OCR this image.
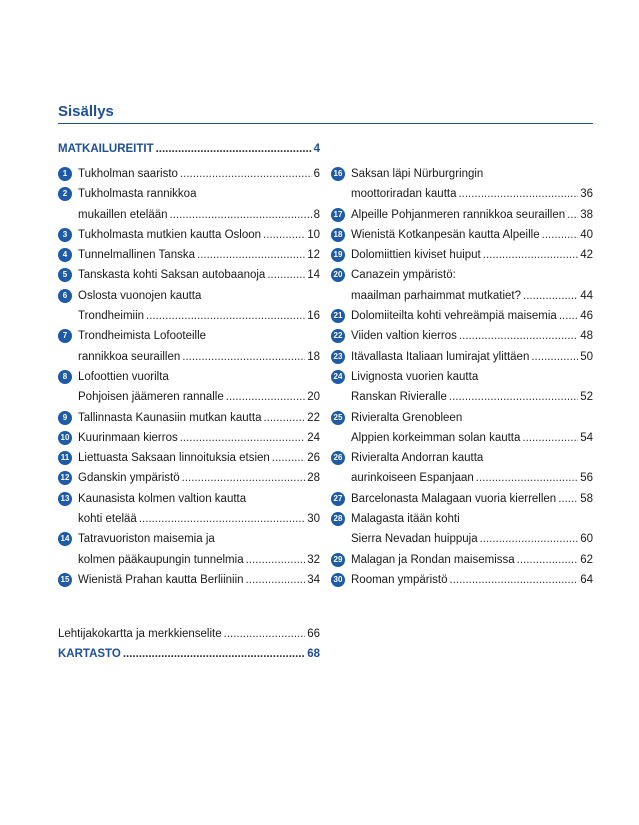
Sisällys
MATKAILUREITIT . . .	4
1 Tukholman saaristo . . .	6
2 Tukholmasta rannikkoa
mukaillen etelään . . .	8
3 Tukholmasta mutkien kautta Osloon . . .	10
4 Tunnelmallinen Tanska . . .	12
5 Tanskasta kohti Saksan autobaanoja . . .	14
6 Oslosta vuonojen kautta
Trondheimiin . . .	16
7 Trondheimista Lofooteille
rannikkoa seuraillen . . .	18
8 Lofoottien vuorilta
Pohjoisen jäämeren rannalle . . .	20
9 Tallinnasta Kaunasiin mutkan kautta . . .	22
10 Kuurinmaan kierros . . .	24
11 Liettuasta Saksaan linnoituksia etsien . . .	26
12 Gdanskin ympäristö . . .	28
13 Kaunasista kolmen valtion kautta
kohti etelää . . .	30
14 Tatravuoriston maisemia ja
kolmen pääkaupungin tunnelmia . . .	32
15 Wienistä Prahan kautta Berliiniin . . .	34
16 Saksan läpi Nürburgringin
moottoriradan kautta . . .	36
17 Alpeille Pohjanmeren rannikkoa seuraillen . . . 38
18 Wienistä Kotkanpesän kautta Alpeille . . .	40
19 Dolomiittien kiviset huiput . . .	42
20 Canazein ympäristö:
maailman parhaimmat mutkatiet? . . .	44
21 Dolomiiteilta kohti vehreämpiä maisemia . . . 46
22 Viiden valtion kierros . . .	48
23 Itävallasta Italiaan lumirajat ylittäen . . .	50
24 Livignosta vuorien kautta
Ranskan Rivieralle . . .	52
25 Rivieralta Grenobleen
Alppien korkeimman solan kautta . . .	54
26 Rivieralta Andorran kautta
aurinkoiseen Espanjaan . . .	56
27 Barcelonasta Malagaan vuoria kierrellen . . . 58
28 Malagasta itään kohti
Sierra Nevadan huippuja . . .	60
29 Malagan ja Rondan maisemissa . . .	62
30 Rooman ympäristö . . .	64
Lehtijakokartta ja merkkienselite . . .	66
KARTASTO . . .	68
